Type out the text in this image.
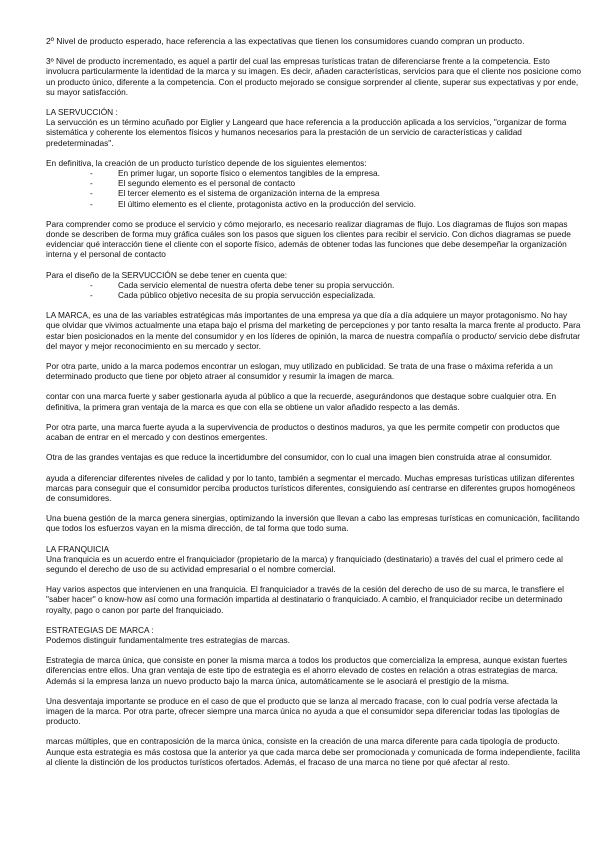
2º Nivel de producto esperado, hace referencia a las expectativas que tienen los consumidores cuando compran un producto.

3º Nivel de producto incrementado, es aquel a partir del cual las empresas turísticas tratan de diferenciarse frente a la competencia. Esto involucra particularmente la identidad de la marca y su imagen. Es decir, añaden características, servicios para que el cliente nos posicione como un producto único, diferente a la competencia. Con el producto mejorado se consigue sorprender al cliente, superar sus expectativas y por ende, su mayor satisfacción.

LA SERVUCCIÓN :

La servucción es un término acuñado por Eiglier y Langeard que hace referencia a la producción aplicada a los servicios, "organizar de forma sistemática y coherente los elementos físicos y humanos necesarios para la prestación de un servicio de características y calidad predeterminadas".

En definitiva, la creación de un producto turístico depende de los siguientes elementos:

-	En primer lugar, un soporte físico o elementos tangibles de la empresa.
-	El segundo elemento es el personal de contacto
-	El tercer elemento es el sistema de organización interna de la empresa
-	El último elemento es el cliente, protagonista activo en la producción del servicio.

Para comprender como se produce el servicio y cómo mejorarlo, es necesario realizar diagramas de flujo. Los diagramas de flujos son mapas donde se describen de forma muy gráfica cuáles son los pasos que siguen los clientes para recibir el servicio. Con dichos diagramas se puede evidenciar qué interacción tiene el cliente con el soporte físico, además de obtener todas las funciones que debe desempeñar la organización interna y el personal de contacto

Para el diseño de la SERVUCCIÓN se debe tener en cuenta que:

-	Cada servicio elemental de nuestra oferta debe tener su propia servucción.
-	Cada público objetivo necesita de su propia servucción especializada.

LA MARCA, es una de las variables estratégicas más importantes de una empresa ya que día a día adquiere un mayor protagonismo. No hay que olvidar que vivimos actualmente una etapa bajo el prisma del marketing de percepciones y por tanto resalta la marca frente al producto. Para estar bien posicionados en la mente del consumidor y en los líderes de opinión, la marca de nuestra compañía o producto/ servicio debe disfrutar del mayor y mejor reconocimiento en su mercado y sector.

Por otra parte, unido a la marca podemos encontrar un eslogan, muy utilizado en publicidad. Se trata de una frase o máxima referida a un determinado producto que tiene por objeto atraer al consumidor y resumir la imagen de marca.

contar con una marca fuerte y saber gestionarla ayuda al público a que la recuerde, asegurándonos que destaque sobre cualquier otra. En definitiva, la primera gran ventaja de la marca es que con ella se obtiene un valor añadido respecto a las demás.

Por otra parte, una marca fuerte ayuda a la supervivencia de productos o destinos maduros, ya que les permite competir con productos que acaban de entrar en el mercado y con destinos emergentes.

Otra de las grandes ventajas es que reduce la incertidumbre del consumidor, con lo cual una imagen bien construida atrae al consumidor.

ayuda a diferenciar diferentes niveles de calidad y por lo tanto, también a segmentar el mercado. Muchas empresas turísticas utilizan diferentes marcas para conseguir que el consumidor perciba productos turísticos diferentes, consiguiendo así centrarse en diferentes grupos homogéneos de consumidores.

Una buena gestión de la marca genera sinergias, optimizando la inversión que llevan a cabo las empresas turísticas en comunicación, facilitando que todos los esfuerzos vayan en la misma dirección, de tal forma que todo suma.

LA FRANQUICIA

Una franquicia es un acuerdo entre el franquiciador (propietario de la marca) y franquiciado (destinatario) a través del cual el primero cede al segundo el derecho de uso de su actividad empresarial o el nombre comercial.

Hay varios aspectos que intervienen en una franquicia. El franquiciador a través de la cesión del derecho de uso de su marca, le transfiere el "saber hacer" o know-how así como una formación impartida al destinatario o franquiciado. A cambio, el franquiciador recibe un determinado royalty, pago o canon por parte del franquiciado.

ESTRATEGIAS DE MARCA :

Podemos distinguir fundamentalmente tres estrategias de marcas.

Estrategia de marca única, que consiste en poner la misma marca a todos los productos que comercializa la empresa, aunque existan fuertes diferencias entre ellos. Una gran ventaja de este tipo de estrategia es el ahorro elevado de costes en relación a otras estrategias de marca. Además si la empresa lanza un nuevo producto bajo la marca única, automáticamente se le asociará el prestigio de la misma.

Una desventaja importante se produce en el caso de que el producto que se lanza al mercado fracase, con lo cual podría verse afectada la imagen de la marca. Por otra parte, ofrecer siempre una marca única no ayuda a que el consumidor sepa diferenciar todas las tipologías de producto.

marcas múltiples, que en contraposición de la marca única, consiste en la creación de una marca diferente para cada tipología de producto. Aunque esta estrategia es más costosa que la anterior ya que cada marca debe ser promocionada y comunicada de forma independiente, facilita al cliente la distinción de los productos turísticos ofertados. Además, el fracaso de una marca no tiene por qué afectar al resto.
